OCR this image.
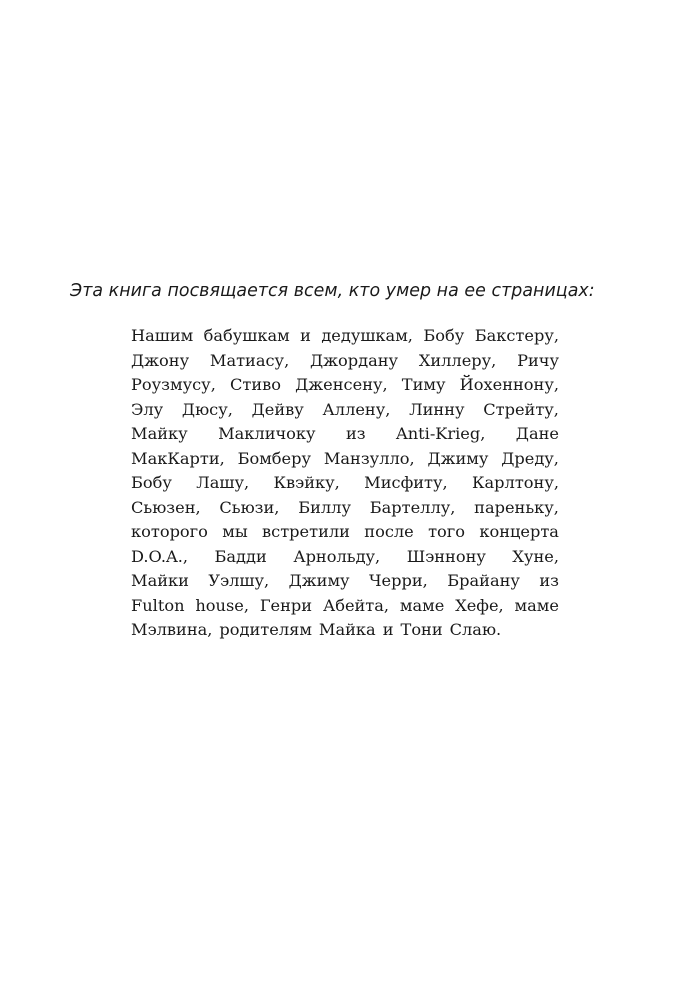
Эта книга посвящается всем, кто умер на ее страницах:

Нашим бабушкам и дедушкам, Бобу Бакстеру,
Джону Матиасу, Джордану Хиллеру, Ричу
Роузмусу, Стиво Дженсену, Тиму Йохеннону,
Элу Дюсу, Дейву Аллену, Линну Стрейту,
Майку Макличоку из Anti-Krieg, Дане
МакКарти, Бомберу Манзулло, Джиму Дреду,
Бобу Лашу, Квэйку, Мисфиту, Карлтону,
Сьюзен, Сьюзи, Биллу Бартеллу, пареньку,
которого мы встретили после того концерта
D.O.A., Бадди Арнольду, Шэннону Хуне,
Майки Уэлшу, Джиму Черри, Брайану из
Fulton house, Генри Абейта, маме Хефе, маме
Мэлвина, родителям Майка и Тони Слаю.
